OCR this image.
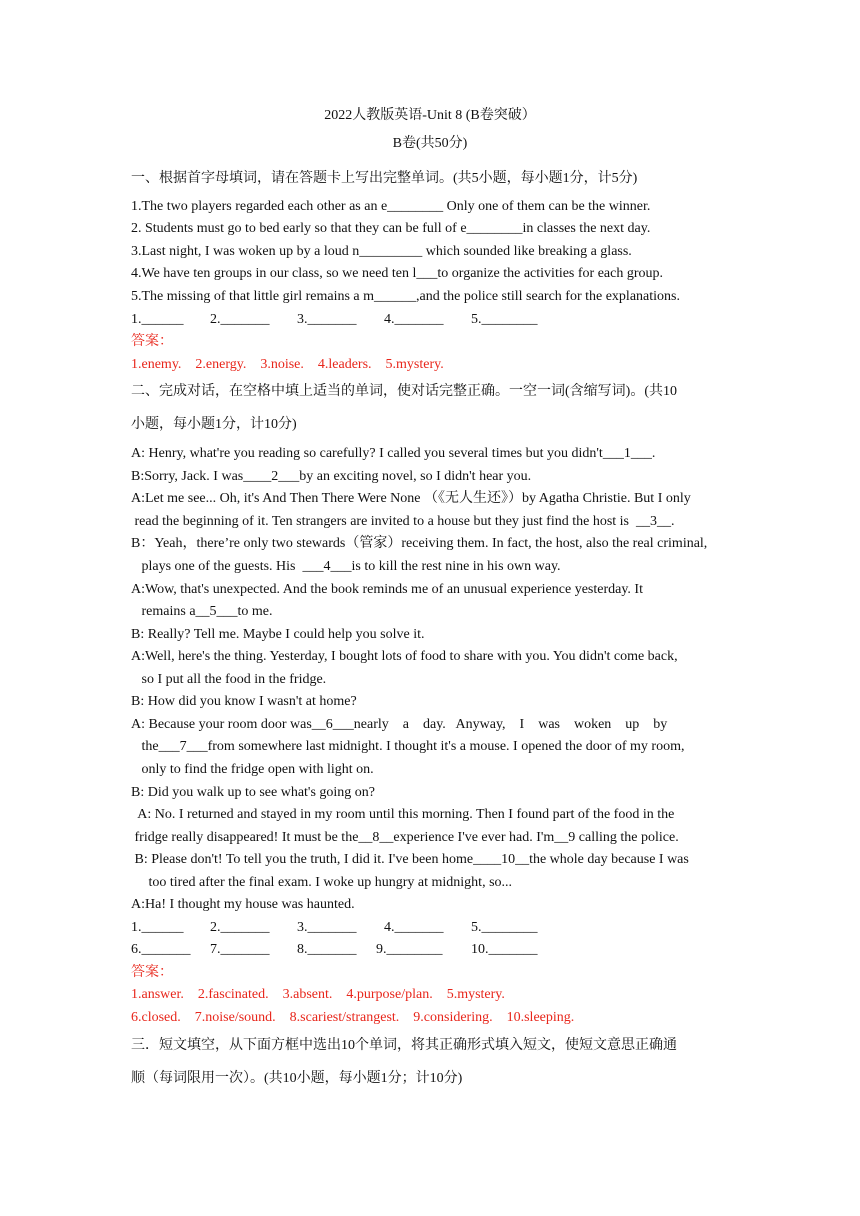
2022人教版英语-Unit 8 (B卷突破）
B卷(共50分)
一、根据首字母填词，请在答题卡上写出完整单词。(共5小题，每小题1分，计5分)
1.The two players regarded each other as an e________ Only one of them can be the winner.
2. Students must go to bed early so that they can be full of e________in classes the next day.
3.Last night, I was woken up by a loud n_________ which sounded like breaking a glass.
4.We have ten groups in our class, so we need ten l___to organize the activities for each group.
5.The missing of that little girl remains a m______,and the police still search for the explanations.
1.______ 2._______ 3._______ 4._______ 5.________
答案：
1.enemy.    2.energy.    3.noise.    4.leaders.    5.mystery.
二、完成对话，在空格中填上适当的单词，使对话完整正确。一空一词(含缩写词)。(共10
小题，每小题1分，计10分)
A: Henry, what're you reading so carefully? I called you several times but you didn't___1___.
B:Sorry, Jack. I was____2___by an exciting novel, so I didn't hear you.
A:Let me see... Oh, it's And Then There Were None （《无人生还》）by Agatha Christie. But I only
read the beginning of it. Ten strangers are invited to a house but they just find the host is  __3__.
B：Yeah，there’re only two stewards（管家）receiving them. In fact, the host, also the real criminal,
plays one of the guests. His  ___4___is to kill the rest nine in his own way.
A:Wow, that's unexpected. And the book reminds me of an unusual experience yesterday. It
remains a__5___to me.
B: Really? Tell me. Maybe I could help you solve it.
A:Well, here's the thing. Yesterday, I bought lots of food to share with you. You didn't come back,
so I put all the food in the fridge.
B: How did you know I wasn't at home?
A: Because your room door was__6___nearly    a    day.   Anyway,    I    was    woken    up    by
the___7___from somewhere last midnight. I thought it's a mouse. I opened the door of my room,
only to find the fridge open with light on.
B: Did you walk up to see what's going on?
A: No. I returned and stayed in my room until this morning. Then I found part of the food in the
fridge really disappeared! It must be the__8__experience I've ever had. I'm__9 calling the police.
B: Please don't! To tell you the truth, I did it. I've been home____10__the whole day because I was
too tired after the final exam. I woke up hungry at midnight, so...
A:Ha! I thought my house was haunted.
1.______ 2._______ 3._______ 4._______ 5.________
6._______ 7._______ 8._______ 9.________ 10._______
答案：
1.answer.    2.fascinated.    3.absent.    4.purpose/plan.    5.mystery.
6.closed.    7.noise/sound.    8.scariest/strangest.    9.considering.    10.sleeping.
三．短文填空，从下面方框中选出10个单词，将其正确形式填入短文，使短文意思正确通
顺（每词限用一次）。(共10小题，每小题1分；计10分)
